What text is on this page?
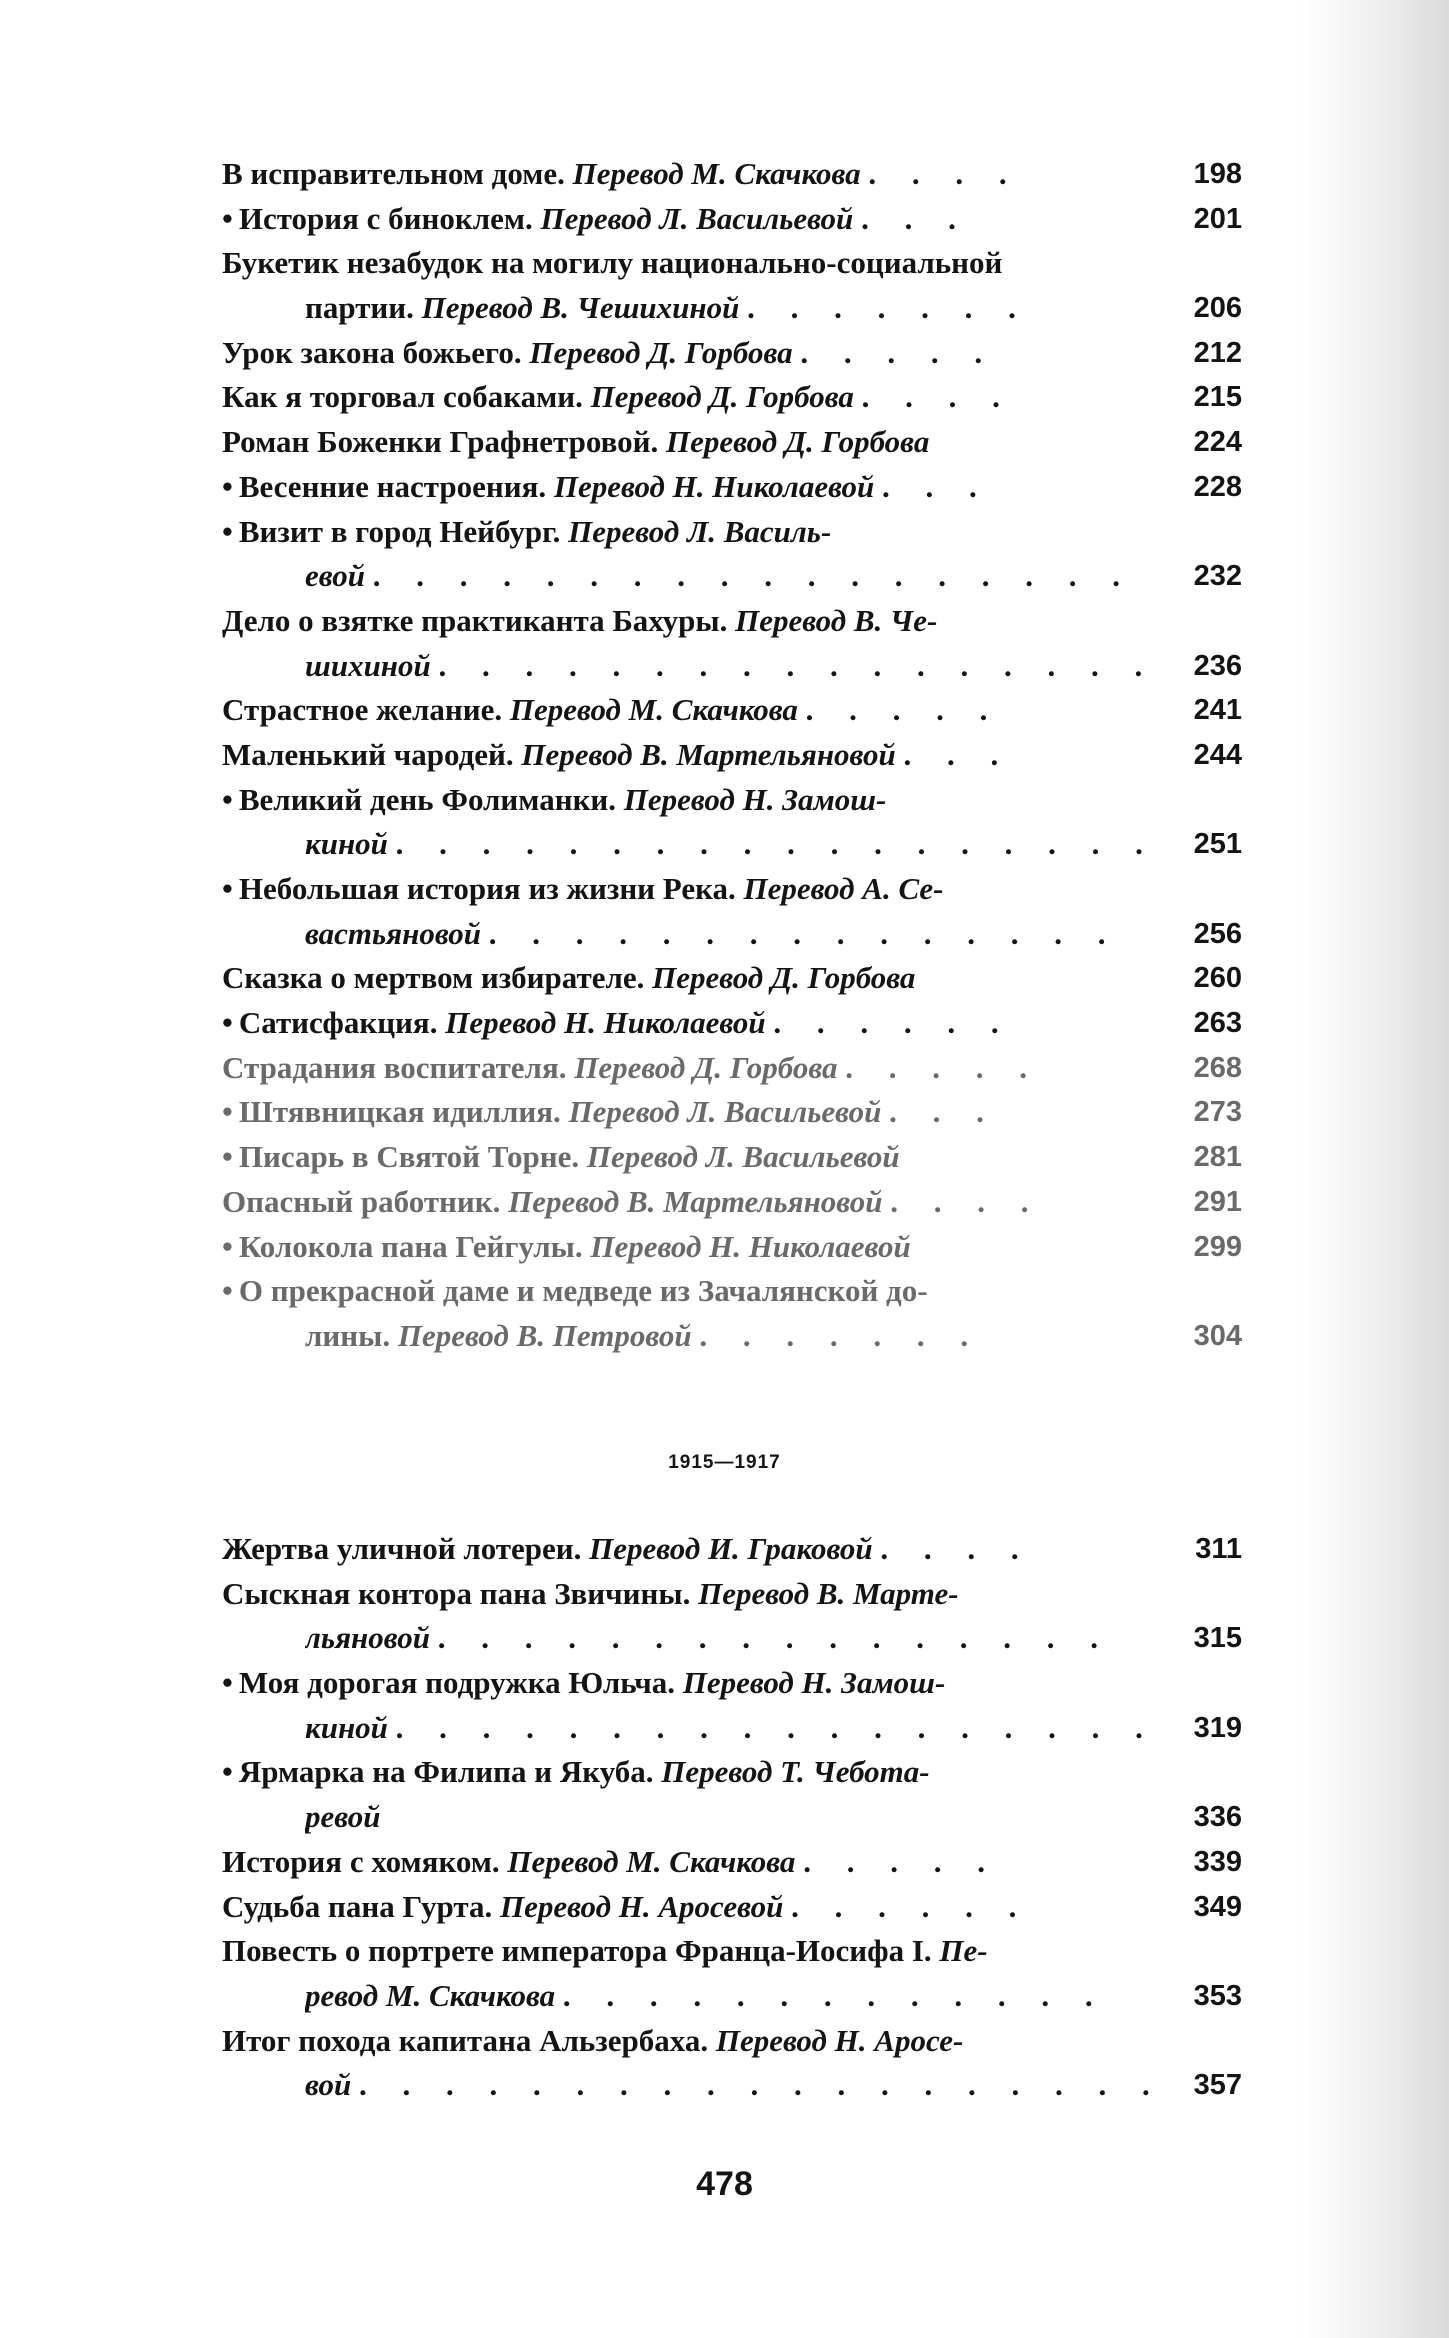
В исправительном доме. Перевод М. Скачкова . . . .	198
• История с биноклем. Перевод Л. Васильевой . . .	201
Букетик незабудок на могилу национально-социальной
партии. Перевод В. Чешихиной . . . . . . .	206
Урок закона божьего. Перевод Д. Горбова . . . . .	212
Как я торговал собаками. Перевод Д. Горбова . . . .	215
Роман Боженки Графнетровой. Перевод Д. Горбова	224
• Весенние настроения. Перевод Н. Николаевой . . .	228
• Визит в город Нейбург. Перевод Л. Василь-
евой . . . . . . . . . . . . . . . . . .	232
Дело о взятке практиканта Бахуры. Перевод В. Че-
шихиной . . . . . . . . . . . . . . . . .	236
Страстное желание. Перевод М. Скачкова . . . . .	241
Маленький чародей. Перевод В. Мартельяновой . . .	244
• Великий день Фолиманки. Перевод Н. Замош-
киной . . . . . . . . . . . . . . . . . .	251
• Небольшая история из жизни Река. Перевод А. Се-
вастьяновой . . . . . . . . . . . . . . .	256
Сказка о мертвом избирателе. Перевод Д. Горбова	260
• Сатисфакция. Перевод Н. Николаевой . . . . . .	263
Страдания воспитателя. Перевод Д. Горбова . . . . .	268
• Штявницкая идиллия. Перевод Л. Васильевой . . .	273
• Писарь в Святой Торне. Перевод Л. Васильевой	281
Опасный работник. Перевод В. Мартельяновой . . . .	291
• Колокола пана Гейгулы. Перевод Н. Николаевой	299
• О прекрасной даме и медведе из Зачалянской до-
лины. Перевод В. Петровой . . . . . . .	304
1915—1917
Жертва уличной лотереи. Перевод И. Граковой . . . .	311
Сыскная контора пана Звичины. Перевод В. Марте-
льяновой . . . . . . . . . . . . . . . .	315
• Моя дорогая подружка Юльча. Перевод Н. Замош-
киной . . . . . . . . . . . . . . . . . .	319
• Ярмарка на Филипа и Якуба. Перевод Т. Чебота-
ревой	336
История с хомяком. Перевод М. Скачкова . . . . .	339
Судьба пана Гурта. Перевод Н. Аросевой . . . . . .	349
Повесть о портрете императора Франца-Иосифа I. Пе-
ревод М. Скачкова . . . . . . . . . . . . .	353
Итог похода капитана Альзербаха. Перевод Н. Аросе-
вой . . . . . . . . . . . . . . . . . . .	357
478
